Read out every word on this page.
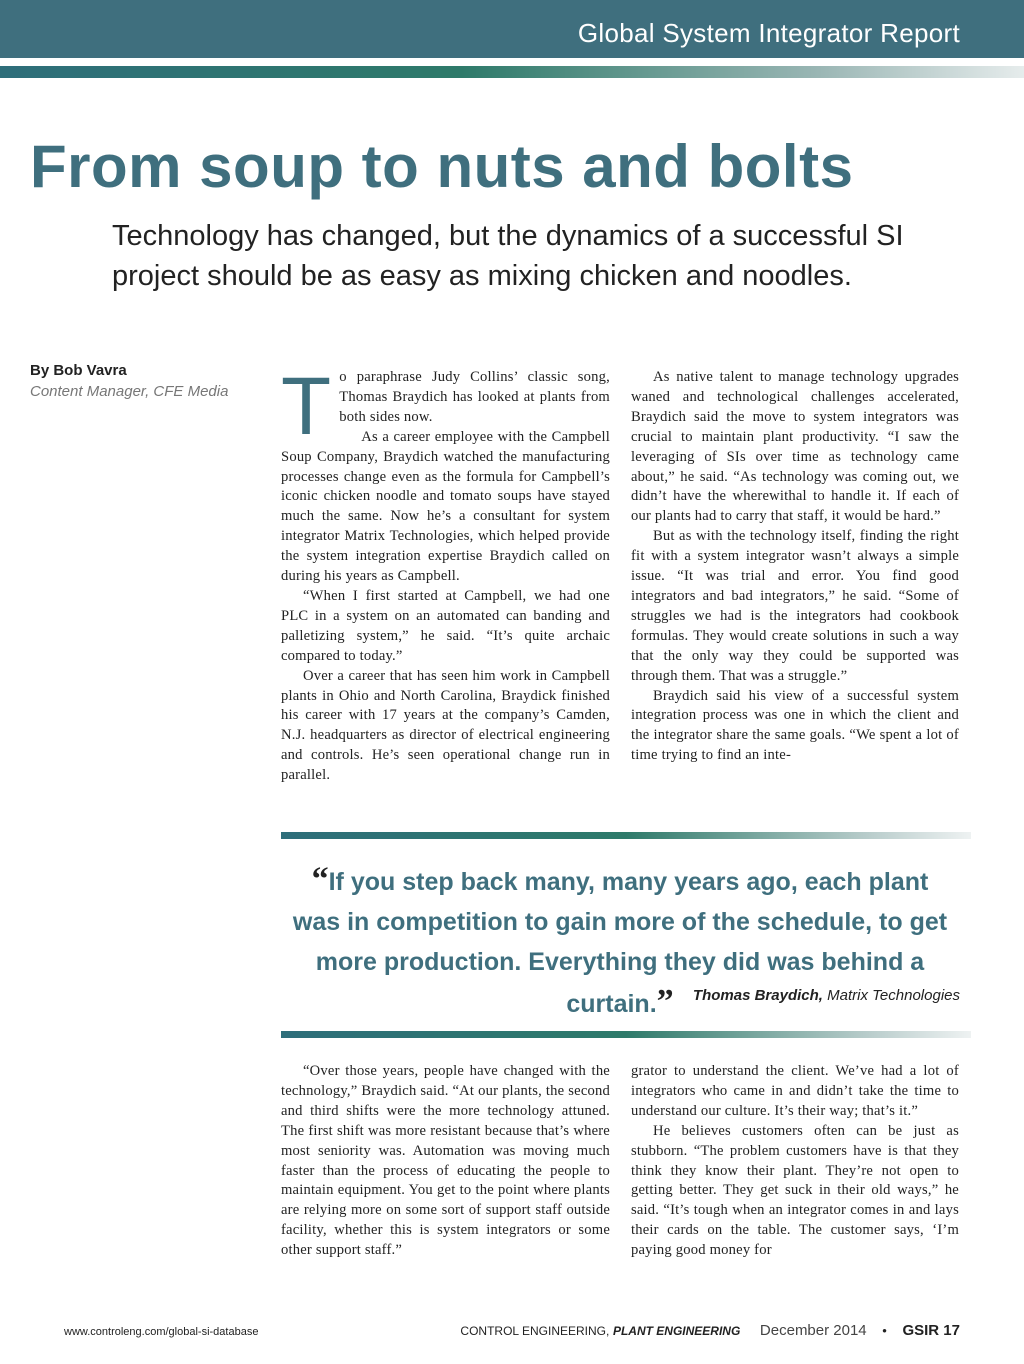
Global System Integrator Report
From soup to nuts and bolts
Technology has changed, but the dynamics of a successful SI project should be as easy as mixing chicken and noodles.
By Bob Vavra
Content Manager, CFE Media T o paraphrase Judy Collins’ classic song, Thomas Braydich has looked at plants from both sides now.

As a career employee with the Campbell Soup Company, Braydich watched the manufacturing processes change even as the formula for Campbell’s iconic chicken noodle and tomato soups have stayed much the same. Now he’s a consultant for system integrator Matrix Technologies, which helped provide the system integration expertise Braydich called on during his years as Campbell.

“When I first started at Campbell, we had one PLC in a system on an automated can banding and palletizing system,” he said. “It’s quite archaic compared to today.”

Over a career that has seen him work in Campbell plants in Ohio and North Carolina, Braydick finished his career with 17 years at the company’s Camden, N.J. headquarters as director of electrical engineering and controls. He’s seen operational change run in parallel.

As native talent to manage technology upgrades waned and technological challenges accelerated, Braydich said the move to system integrators was crucial to maintain plant productivity. “I saw the leveraging of SIs over time as technology came about,” he said. “As technology was coming out, we didn’t have the wherewithal to handle it. If each of our plants had to carry that staff, it would be hard.”

But as with the technology itself, finding the right fit with a system integrator wasn’t always a simple issue. “It was trial and error. You find good integrators and bad integrators,” he said. “Some of struggles we had is the integrators had cookbook formulas. They would create solutions in such a way that the only way they could be supported was through them. That was a struggle.”

Braydich said his view of a successful system integration process was one in which the client and the integrator share the same goals. “We spent a lot of time trying to find an inte-

“If you step back many, many years ago, each plant was in competition to gain more of the schedule, to get more production. Everything they did was behind a curtain.”	Thomas Braydich, Matrix Technologies

“Over those years, people have changed with the technology,” Braydich said. “At our plants, the second and third shifts were the more technology attuned. The first shift was more resistant because that’s where most seniority was. Automation was moving much faster than the process of educating the people to maintain equipment. You get to the point where plants are relying more on some sort of support staff outside facility, whether this is system integrators or some other support staff.”

grator to understand the client. We’ve had a lot of integrators who came in and didn’t take the time to understand our culture. It’s their way; that’s it.”

He believes customers often can be just as stubborn. “The problem customers have is that they think they know their plant. They’re not open to getting better. They get suck in their old ways,” he said. “It’s tough when an integrator comes in and lays their cards on the table. The customer says, ‘I’m paying good money for

www.controleng.com/global-si-database	CONTROL ENGINEERING, PLANT ENGINEERING December 2014 • GSIR 17
